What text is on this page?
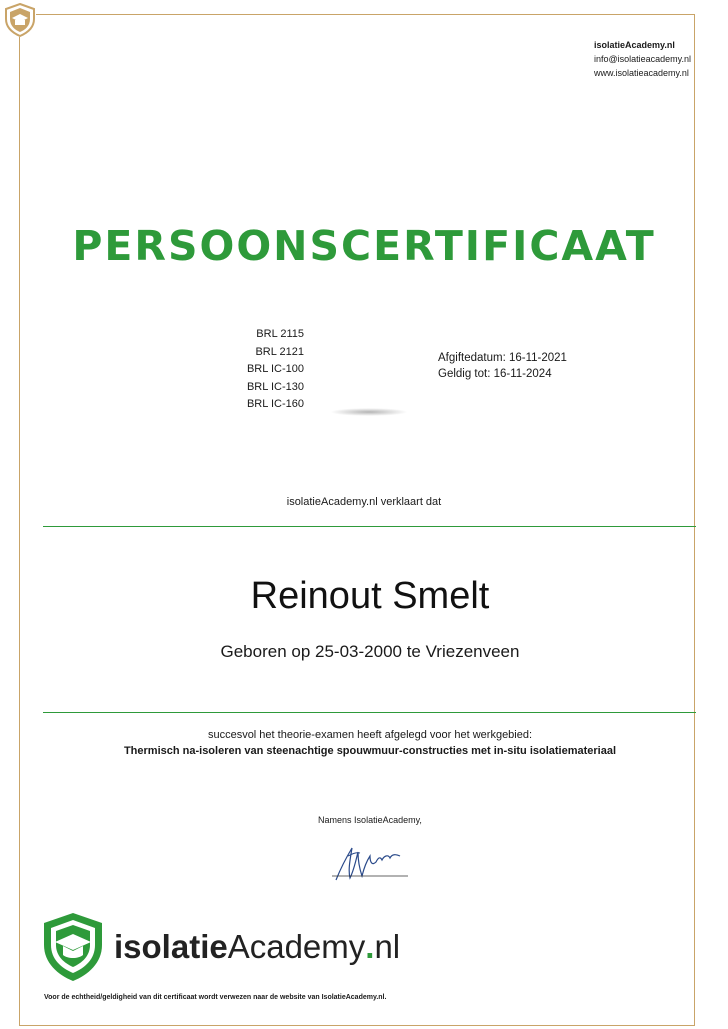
isolatieAcademy.nl
info@isolatieacademy.nl
www.isolatieacademy.nl
PERSOONSCERTIFICAAT
BRL 2115
BRL 2121
BRL IC-100
BRL IC-130
BRL IC-160
Afgiftedatum: 16-11-2021
Geldig tot: 16-11-2024
isolatieAcademy.nl verklaart dat
Reinout Smelt
Geboren op 25-03-2000 te Vriezenveen
succesvol het theorie-examen heeft afgelegd voor het werkgebied:
Thermisch na-isoleren van steenachtige spouwmuur-constructies met in-situ isolatiemateriaal
Namens IsolatieAcademy,
isolatieAcademy.nl
Voor de echtheid/geldigheid van dit certificaat wordt verwezen naar de website van IsolatieAcademy.nl.
